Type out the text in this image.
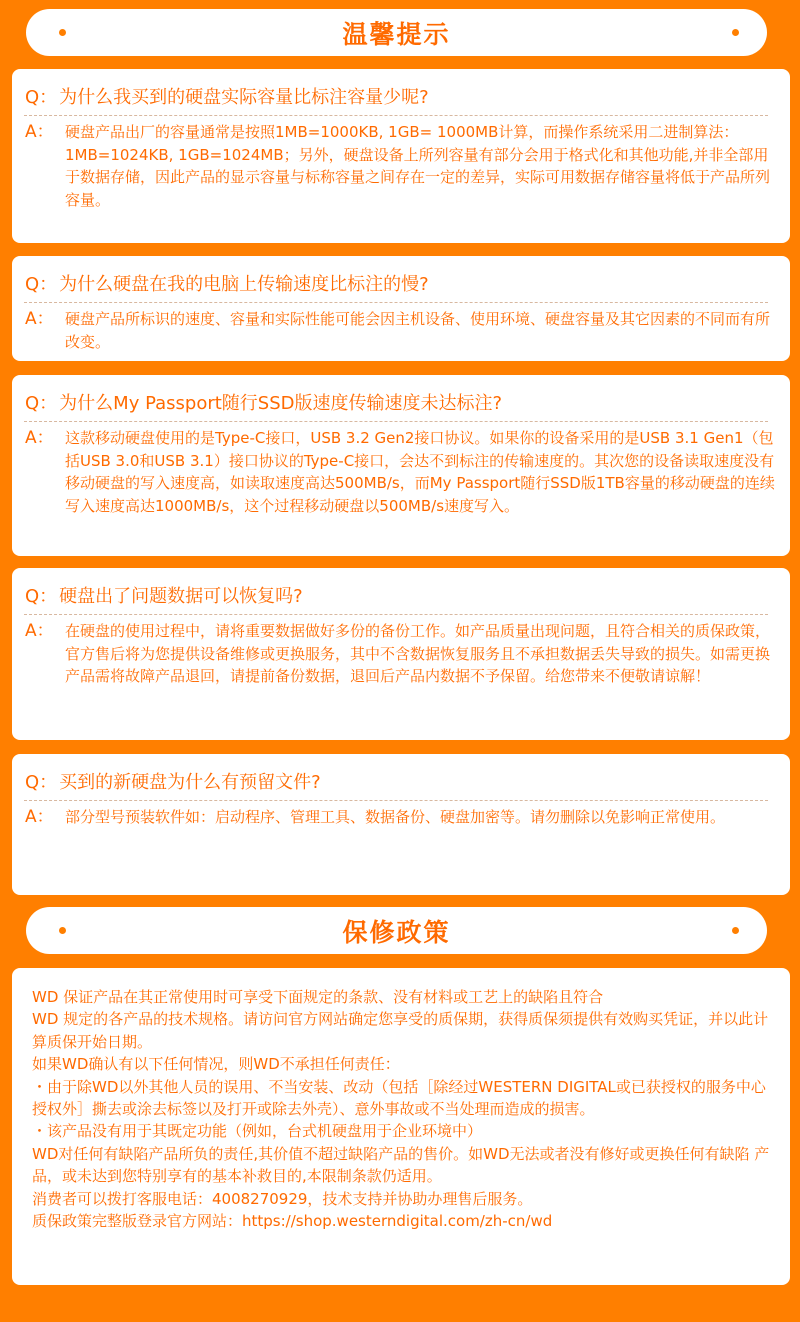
温馨提示
Q： 为什么我买到的硬盘实际容量比标注容量少呢?
A： 硬盘产品出厂的容量通常是按照1MB=1000KB, 1GB= 1000MB计算，而操作系统采用二进制算法：1MB=1024KB, 1GB=1024MB；另外，硬盘设备上所列容量有部分会用于格式化和其他功能,并非全部用于数据存储，因此产品的显示容量与标称容量之间存在一定的差异，实际可用数据存储容量将低于产品所列容量。
Q： 为什么硬盘在我的电脑上传输速度比标注的慢?
A： 硬盘产品所标识的速度、容量和实际性能可能会因主机设备、使用环境、硬盘容量及其它因素的不同而有所改变。
Q： 为什么My Passport随行SSD版速度传输速度未达标注?
A： 这款移动硬盘使用的是Type-C接口，USB 3.2 Gen2接口协议。如果你的设备采用的是USB 3.1 Gen1（包括USB 3.0和USB 3.1）接口协议的Type-C接口，会达不到标注的传输速度的。其次您的设备读取速度没有移动硬盘的写入速度高，如读取速度高达500MB/s，而My Passport随行SSD版1TB容量的移动硬盘的连续写入速度高达1000MB/s，这个过程移动硬盘以500MB/s速度写入。
Q： 硬盘出了问题数据可以恢复吗?
A： 在硬盘的使用过程中，请将重要数据做好多份的备份工作。如产品质量出现问题，且符合相关的质保政策，官方售后将为您提供设备维修或更换服务，其中不含数据恢复服务且不承担数据丢失导致的损失。如需更换产品需将故障产品退回，请提前备份数据，退回后产品内数据不予保留。给您带来不便敬请谅解！
Q： 买到的新硬盘为什么有预留文件?
A： 部分型号预装软件如：启动程序、管理工具、数据备份、硬盘加密等。请勿删除以免影响正常使用。
保修政策
WD 保证产品在其正常使用时可享受下面规定的条款、没有材料或工艺上的缺陷且符合
WD 规定的各产品的技术规格。请访问官方网站确定您享受的质保期，获得质保须提供有效购买凭证，并以此计算质保开始日期。
如果WD确认有以下任何情况，则WD不承担任何责任：
・由于除WD以外其他人员的误用、不当安装、改动（包括［除经过WESTERN DIGITAL或已获授权的服务中心授权外］撕去或涂去标签以及打开或除去外壳）、意外事故或不当处理而造成的损害。
・该产品没有用于其既定功能（例如，台式机硬盘用于企业环境中）
WD对任何有缺陷产品所负的责任,其价值不超过缺陷产品的售价。如WD无法或者没有修好或更换任何有缺陷 产品，或未达到您特别享有的基本补救目的,本限制条款仍适用。
消费者可以拨打客服电话：4008270929，技术支持并协助办理售后服务。
质保政策完整版登录官方网站：https://shop.westerndigital.com/zh-cn/wd
